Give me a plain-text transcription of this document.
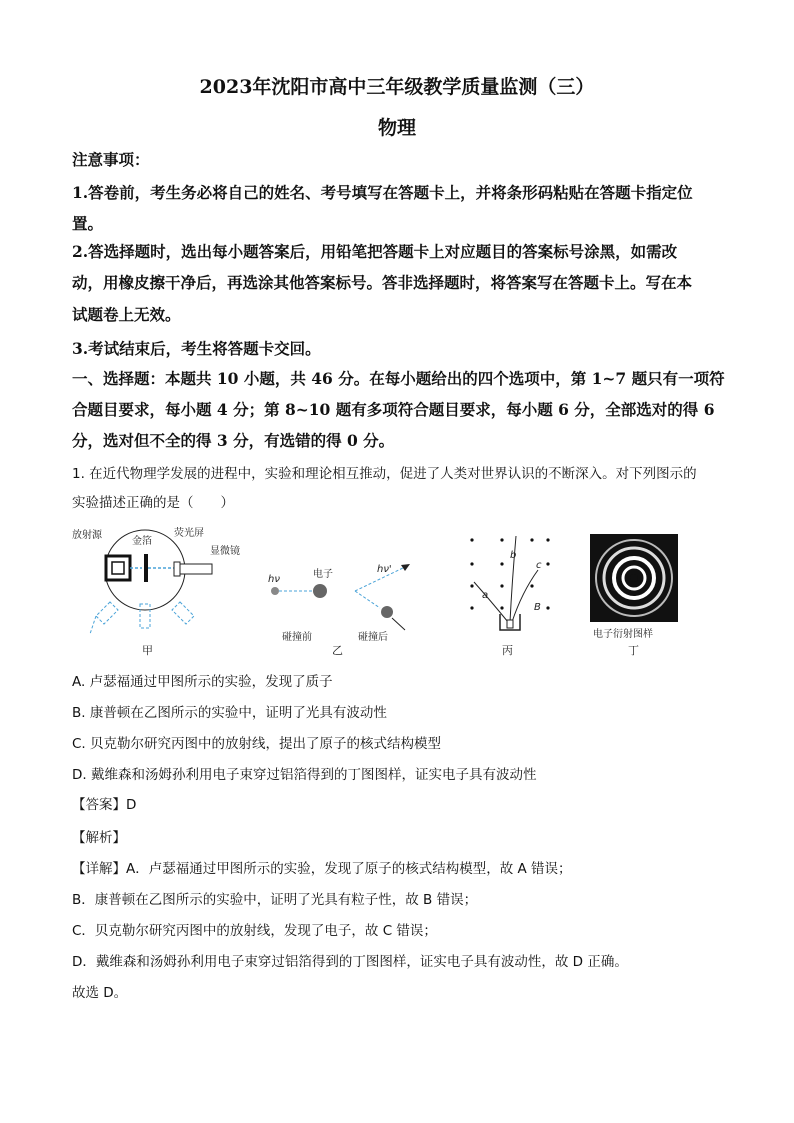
2023年沈阳市高中三年级教学质量监测（三）
物理
注意事项：
1.答卷前，考生务必将自己的姓名、考号填写在答题卡上，并将条形码粘贴在答题卡指定位
置。
2.答选择题时，选出每小题答案后，用铅笔把答题卡上对应题目的答案标号涂黑，如需改
动，用橡皮擦干净后，再选涂其他答案标号。答非选择题时，将答案写在答题卡上。写在本
试题卷上无效。
3.考试结束后，考生将答题卡交回。
一、选择题：本题共 10 小题，共 46 分。在每小题给出的四个选项中，第 1~7 题只有一项符
合题目要求，每小题 4 分；第 8~10 题有多项符合题目要求，每小题 6 分，全部选对的得 6
分，选对但不全的得 3 分，有选错的得 0 分。
1. 在近代物理学发展的进程中，实验和理论相互推动，促进了人类对世界认识的不断深入。对下列图示的
实验描述正确的是（　　）
放射源
金箔
荧光屏
显微镜
甲
hν	电子	hν'
碰撞前	碰撞后
乙
a
b
c
B
丙
电子衍射图样
丁
A. 卢瑟福通过甲图所示的实验，发现了质子
B. 康普顿在乙图所示的实验中，证明了光具有波动性
C. 贝克勒尔研究丙图中的放射线，提出了原子的核式结构模型
D. 戴维森和汤姆孙利用电子束穿过铝箔得到的丁图图样，证实电子具有波动性
【答案】D
【解析】
【详解】A．卢瑟福通过甲图所示的实验，发现了原子的核式结构模型，故 A 错误；
B．康普顿在乙图所示的实验中，证明了光具有粒子性，故 B 错误；
C．贝克勒尔研究丙图中的放射线，发现了电子，故 C 错误；
D．戴维森和汤姆孙利用电子束穿过铝箔得到的丁图图样，证实电子具有波动性，故 D 正确。
故选 D。
